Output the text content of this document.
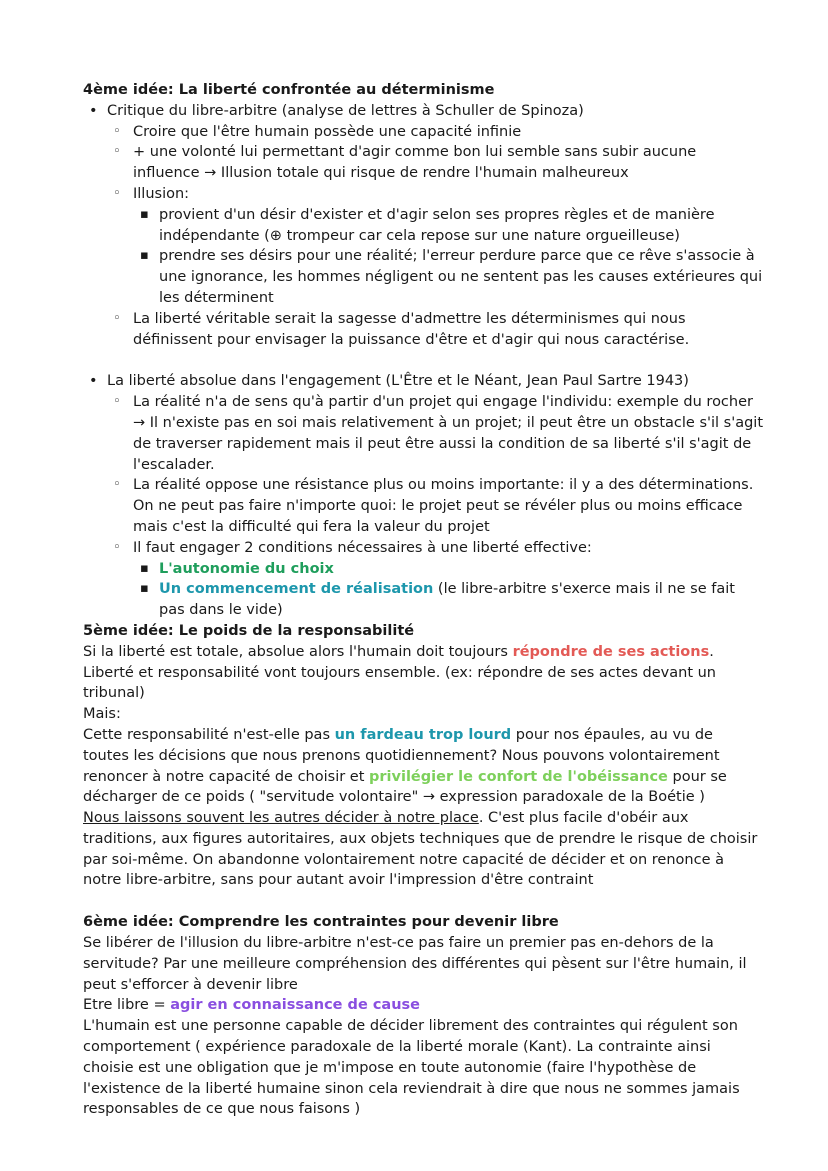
4ème idée: La liberté confrontée au déterminisme
• Critique du libre-arbitre (analyse de lettres à Schuller de Spinoza)
◦ Croire que l'être humain possède une capacité infinie
◦ + une volonté lui permettant d'agir comme bon lui semble sans subir aucune influence → Illusion totale qui risque de rendre l'humain malheureux
◦ Illusion:
▪ provient d'un désir d'exister et d'agir selon ses propres règles et de manière indépendante (⊕ trompeur car cela repose sur une nature orgueilleuse)
▪ prendre ses désirs pour une réalité; l'erreur perdure parce que ce rêve s'associe à une ignorance, les hommes négligent ou ne sentent pas les causes extérieures qui les déterminent
◦ La liberté véritable serait la sagesse d'admettre les déterminismes qui nous définissent pour envisager la puissance d'être et d'agir qui nous caractérise.
• La liberté absolue dans l'engagement (L'Être et le Néant, Jean Paul Sartre 1943)
◦ La réalité n'a de sens qu'à partir d'un projet qui engage l'individu: exemple du rocher → Il n'existe pas en soi mais relativement à un projet; il peut être un obstacle s'il s'agit de traverser rapidement mais il peut être aussi la condition de sa liberté s'il s'agit de l'escalader.
◦ La réalité oppose une résistance plus ou moins importante: il y a des déterminations. On ne peut pas faire n'importe quoi: le projet peut se révéler plus ou moins efficace mais c'est la difficulté qui fera la valeur du projet
◦ Il faut engager 2 conditions nécessaires à une liberté effective:
▪ L'autonomie du choix
▪ Un commencement de réalisation (le libre-arbitre s'exerce mais il ne se fait pas dans le vide)
5ème idée: Le poids de la responsabilité

Si la liberté est totale, absolue alors l'humain doit toujours répondre de ses actions. Liberté et responsabilité vont toujours ensemble. (ex: répondre de ses actes devant un tribunal)

Mais:

Cette responsabilité n'est-elle pas un fardeau trop lourd pour nos épaules, au vu de toutes les décisions que nous prenons quotidiennement? Nous pouvons volontairement renoncer à notre capacité de choisir et privilégier le confort de l'obéissance pour se décharger de ce poids ( "servitude volontaire" → expression paradoxale de la Boétie )

Nous laissons souvent les autres décider à notre place. C'est plus facile d'obéir aux traditions, aux figures autoritaires, aux objets techniques que de prendre le risque de choisir par soi-même. On abandonne volontairement notre capacité de décider et on renonce à notre libre-arbitre, sans pour autant avoir l'impression d'être contraint

6ème idée: Comprendre les contraintes pour devenir libre

Se libérer de l'illusion du libre-arbitre n'est-ce pas faire un premier pas en-dehors de la servitude? Par une meilleure compréhension des différentes qui pèsent sur l'être humain, il peut s'efforcer à devenir libre

Etre libre = agir en connaissance de cause

L'humain est une personne capable de décider librement des contraintes qui régulent son comportement ( expérience paradoxale de la liberté morale (Kant). La contrainte ainsi choisie est une obligation que je m'impose en toute autonomie (faire l'hypothèse de l'existence de la liberté humaine sinon cela reviendrait à dire que nous ne sommes jamais responsables de ce que nous faisons )
